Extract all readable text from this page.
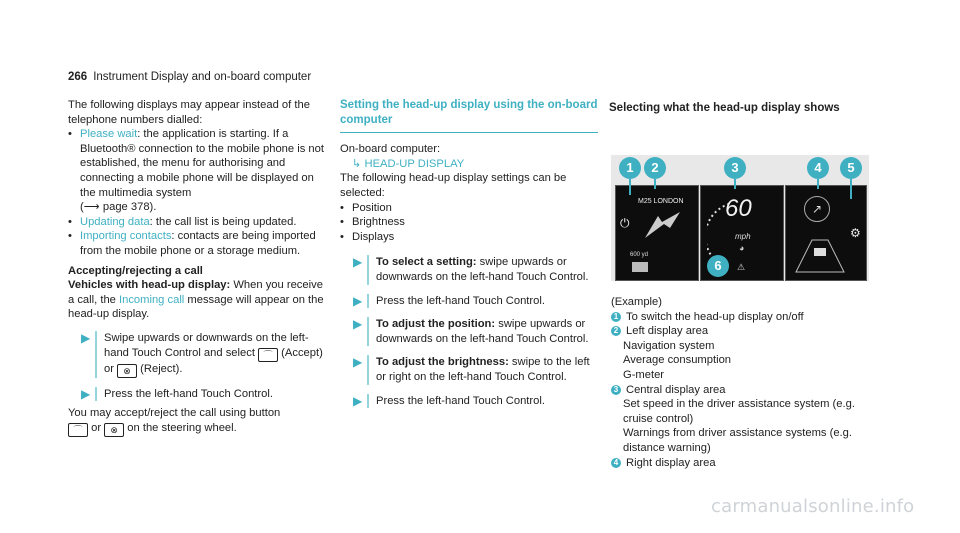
266 Instrument Display and on-board computer

The following displays may appear instead of the telephone numbers dialled:

• Please wait: the application is starting. If a Bluetooth® connection to the mobile phone is not established, the menu for authorising and connecting a mobile phone will be displayed on the multimedia system
(⟶ page 378).
• Updating data: the call list is being updated.
• Importing contacts: contacts are being imported from the mobile phone or a storage medium.

Accepting/rejecting a call

Vehicles with head-up display: When you receive a call, the Incoming call message will appear on the head-up display.

▶ Swipe upwards or downwards on the left-hand Touch Control and select ⌒ (Accept) or ⊗ (Reject).
▶ Press the left-hand Touch Control.

You may accept/reject the call using button
⌒ or ⊗ on the steering wheel.

Setting the head-up display using the on-board computer

On-board computer:

↳ HEAD-UP DISPLAY

The following head-up display settings can be selected:

• Position
• Brightness
• Displays
▶ To select a setting: swipe upwards or downwards on the left-hand Touch Control.
▶ Press the left-hand Touch Control.
▶ To adjust the position: swipe upwards or downwards on the left-hand Touch Control.
▶ To adjust the brightness: swipe to the left or right on the left-hand Touch Control.
▶ Press the left-hand Touch Control.
Selecting what the head-up display shows
M25 LONDON
⏻
600 yd
60
mph
◕
⚠
↗
⚙
1	2	3	4	5
6

(Example)

1 To switch the head-up display on/off

2 Left display area

Navigation system

Average consumption

G-meter

3 Central display area

Set speed in the driver assistance system (e.g. cruise control)

Warnings from driver assistance systems (e.g. distance warning)

4 Right display area

carmanualsonline.info
